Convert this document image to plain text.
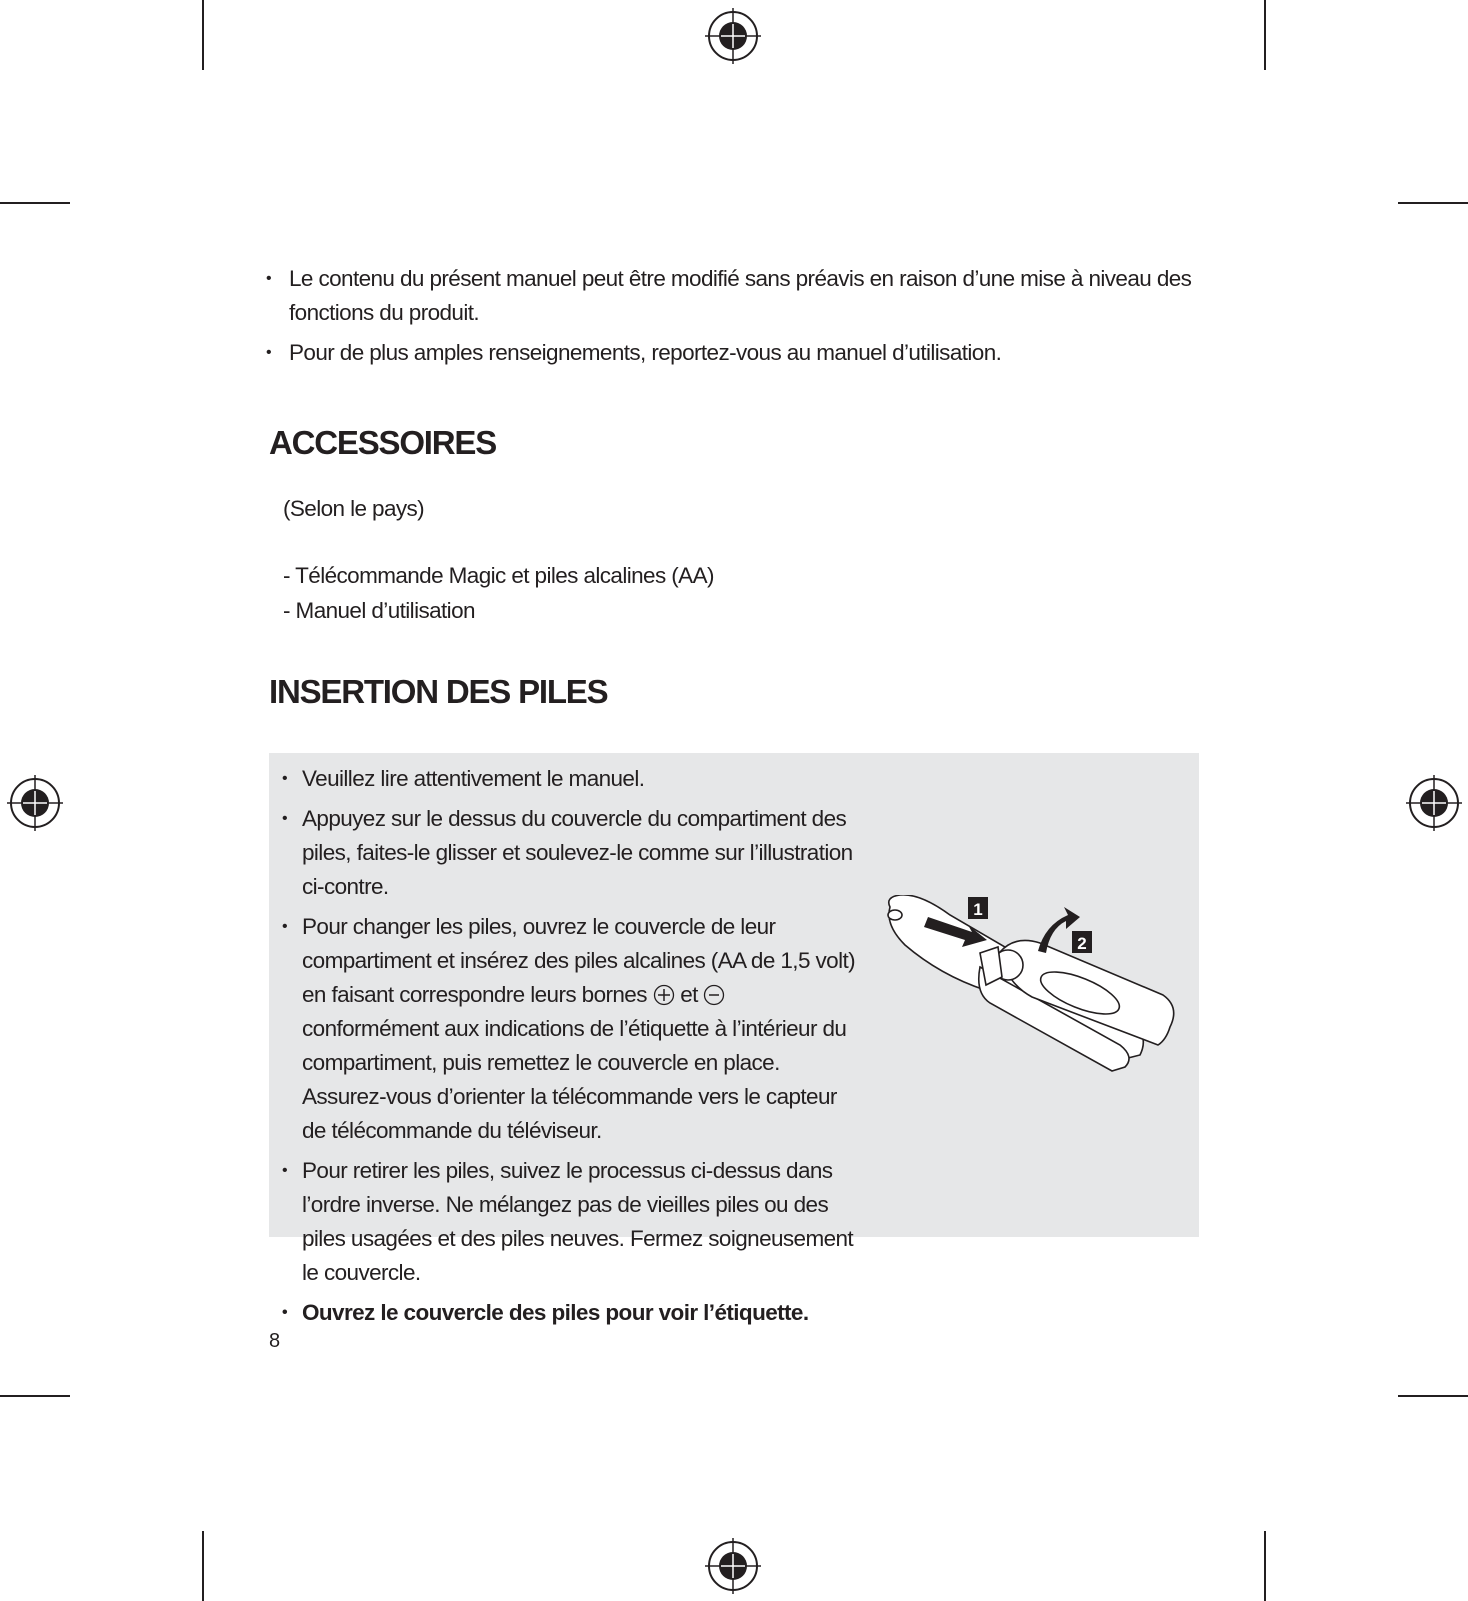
• Le contenu du présent manuel peut être modifié sans préavis en raison d’une mise à niveau des fonctions du produit.
• Pour de plus amples renseignements, reportez-vous au manuel d’utilisation.
ACCESSOIRES

(Selon le pays)

- Télécommande Magic et piles alcalines (AA)
- Manuel d’utilisation
INSERTION DES PILES
• Veuillez lire attentivement le manuel.
• Appuyez sur le dessus du couvercle du compartiment des piles, faites-le glisser et soulevez-le comme sur l’illustration ci-contre.
• Pour changer les piles, ouvrez le couvercle de leur compartiment et insérez des piles alcalines (AA de 1,5 volt) en faisant correspondre leurs bornes et  conformément aux indications de l’étiquette à l’intérieur du compartiment, puis remettez le couvercle en place. Assurez-vous d’orienter la télécommande vers le capteur de télécommande du téléviseur.
• Pour retirer les piles, suivez le processus ci-dessus dans l’ordre inverse. Ne mélangez pas de vieilles piles ou des piles usagées et des piles neuves. Fermez soigneusement le couvercle.
• Ouvrez le couvercle des piles pour voir l’étiquette.
1
2

8
